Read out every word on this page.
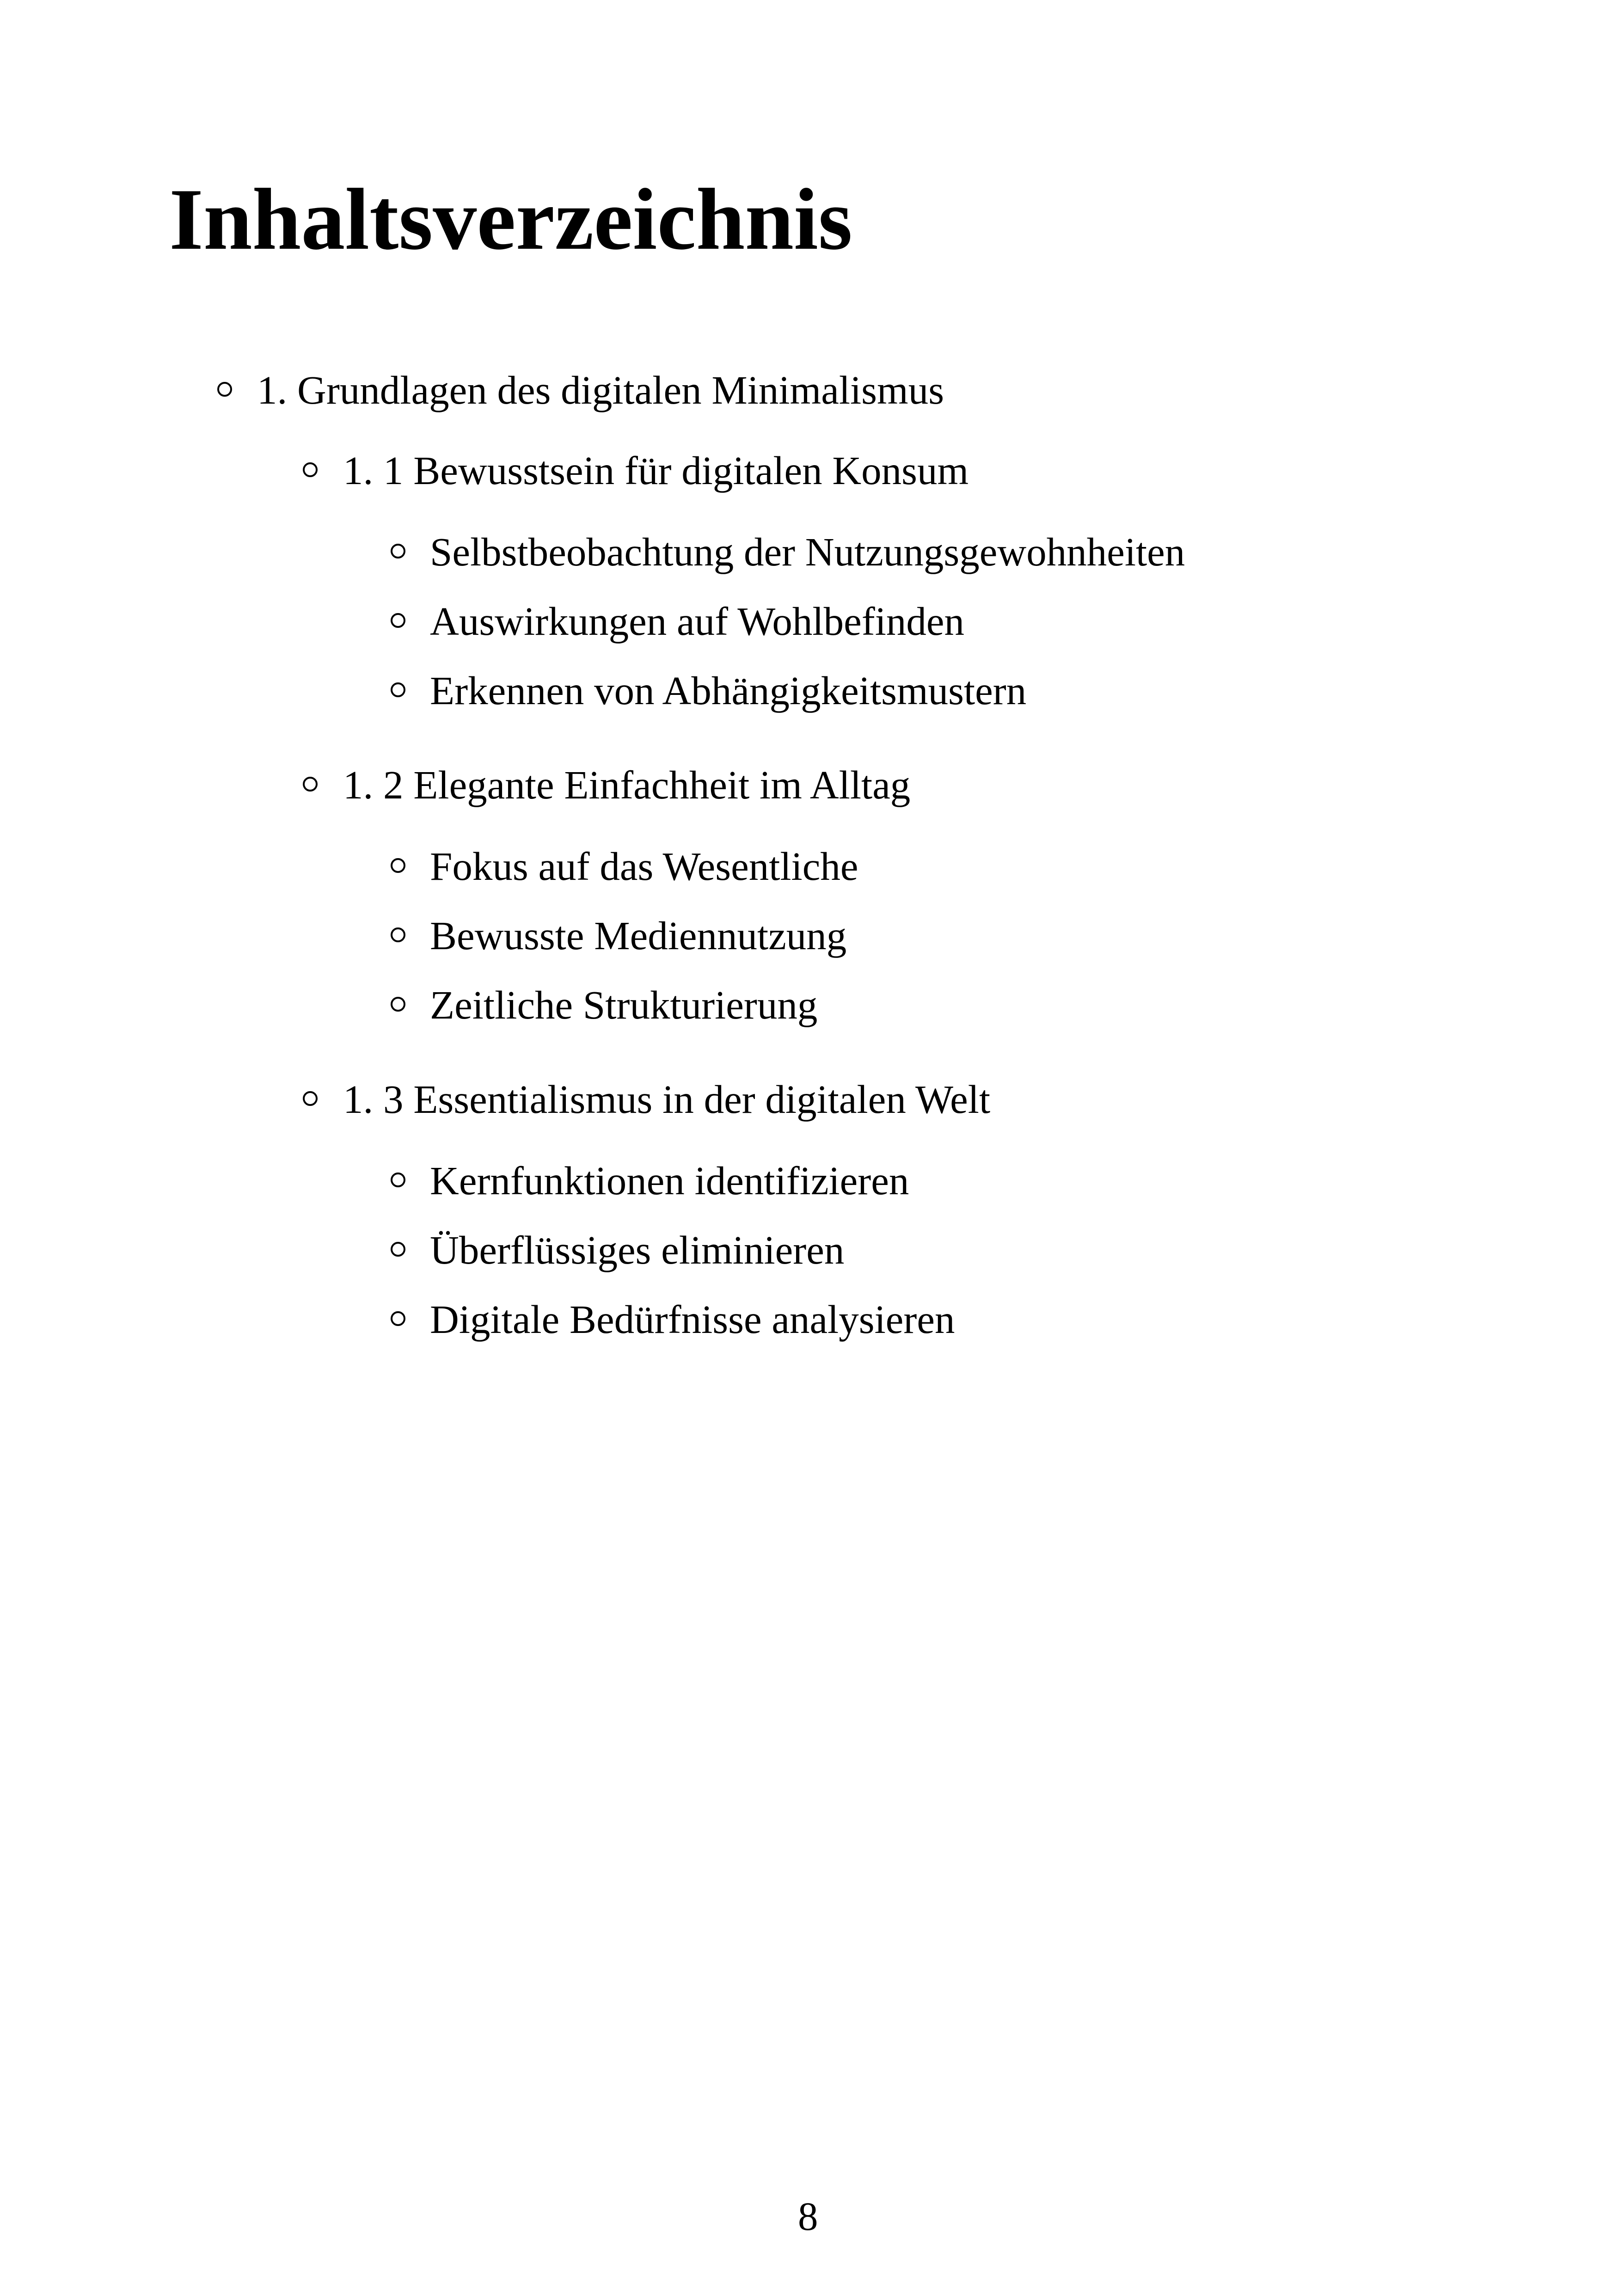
Inhaltsverzeichnis
1. Grundlagen des digitalen Minimalismus
1. 1 Bewusstsein für digitalen Konsum
Selbstbeobachtung der Nutzungsgewohnheiten
Auswirkungen auf Wohlbefinden
Erkennen von Abhängigkeitsmustern
1. 2 Elegante Einfachheit im Alltag
Fokus auf das Wesentliche
Bewusste Mediennutzung
Zeitliche Strukturierung
1. 3 Essentialismus in der digitalen Welt
Kernfunktionen identifizieren
Überflüssiges eliminieren
Digitale Bedürfnisse analysieren
8
